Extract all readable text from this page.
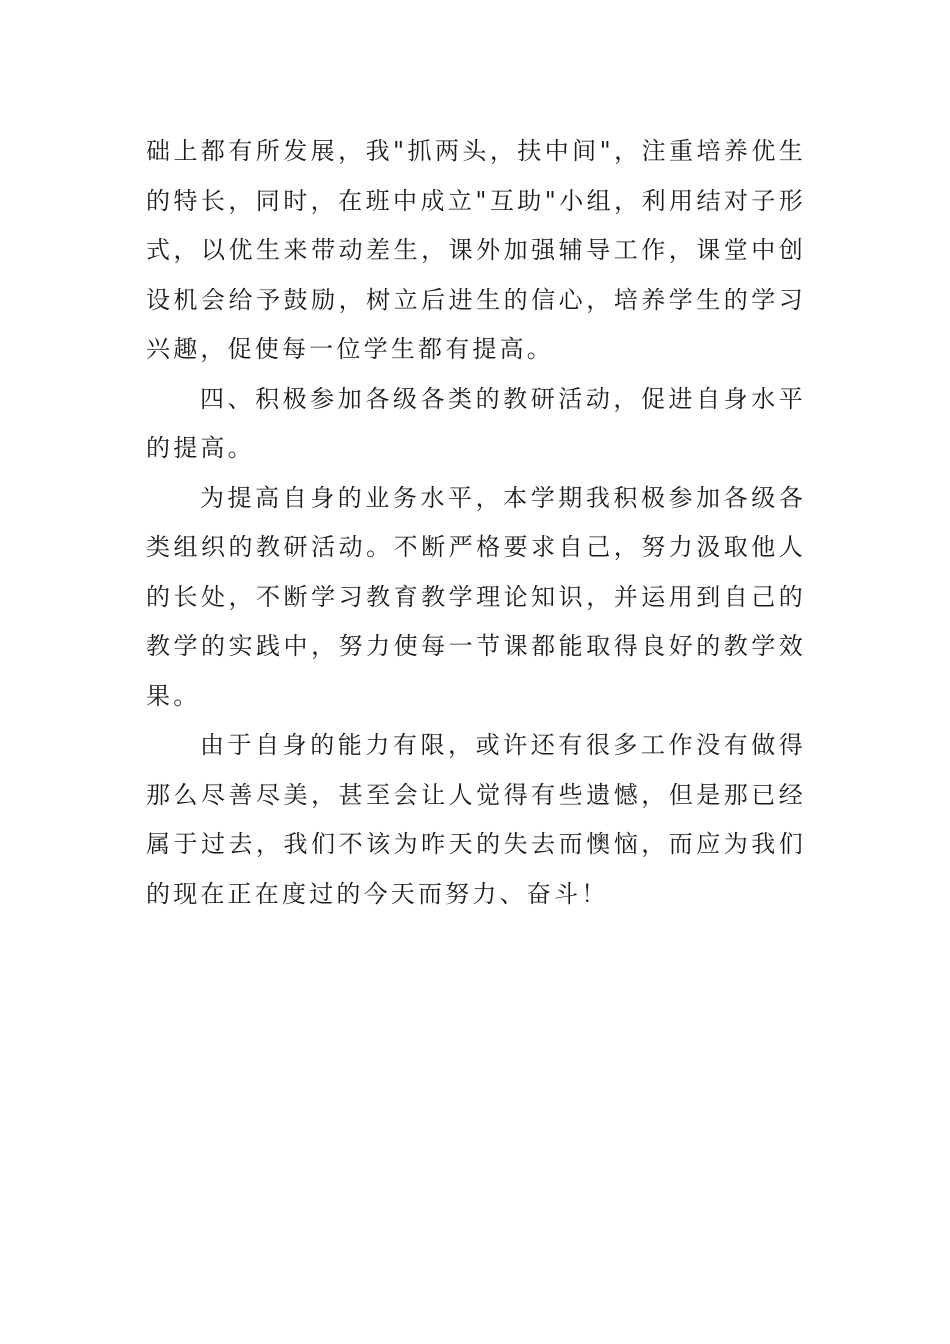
础上都有所发展，我"抓两头，扶中间"，注重培养优生的特长，同时，在班中成立"互助"小组，利用结对子形式，以优生来带动差生，课外加强辅导工作，课堂中创设机会给予鼓励，树立后进生的信心，培养学生的学习兴趣，促使每一位学生都有提高。

四、积极参加各级各类的教研活动，促进自身水平的提高。

为提高自身的业务水平，本学期我积极参加各级各类组织的教研活动。不断严格要求自己，努力汲取他人的长处，不断学习教育教学理论知识，并运用到自己的教学的实践中，努力使每一节课都能取得良好的教学效果。

由于自身的能力有限，或许还有很多工作没有做得那么尽善尽美，甚至会让人觉得有些遗憾，但是那已经属于过去，我们不该为昨天的失去而懊恼，而应为我们的现在正在度过的今天而努力、奋斗！
